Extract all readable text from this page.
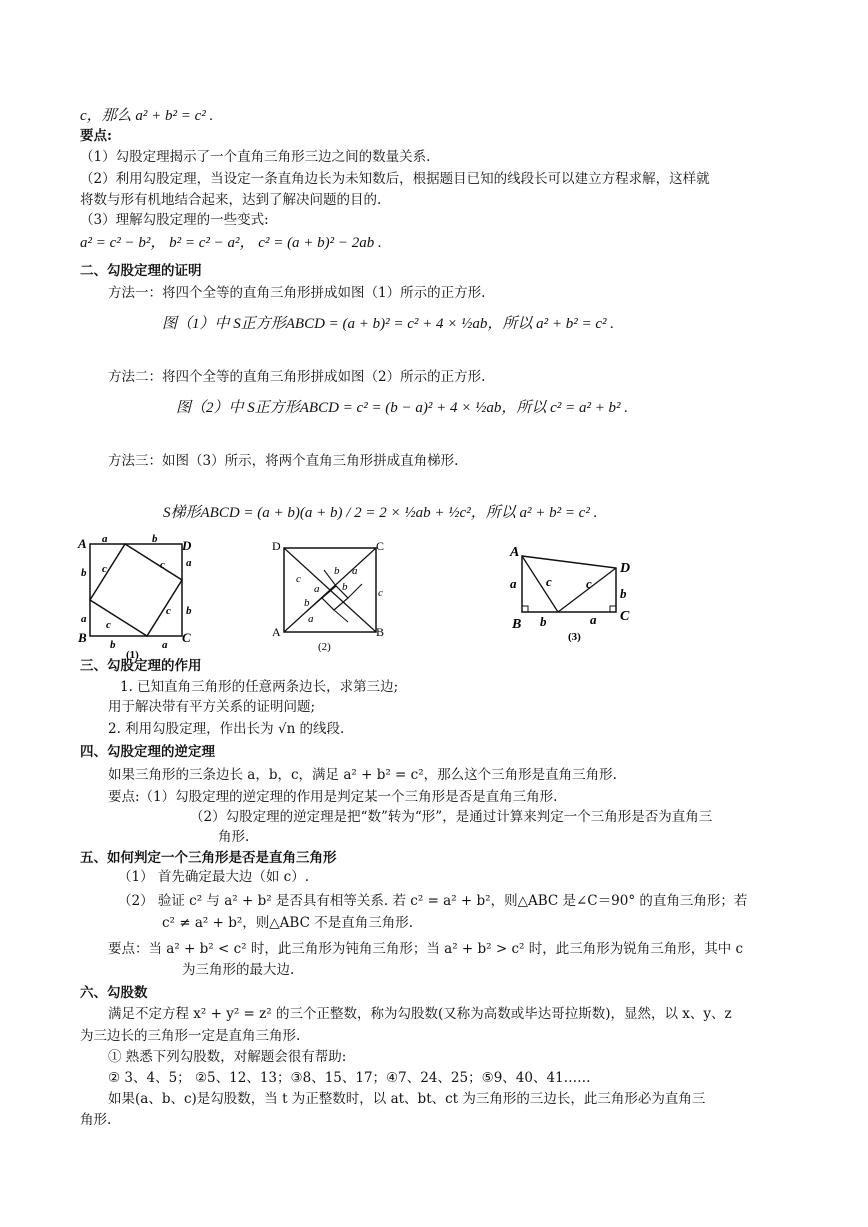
c，那么 a² + b² = c² .
要点:
（1）勾股定理揭示了一个直角三角形三边之间的数量关系.
（2）利用勾股定理，当设定一条直角边长为未知数后，根据题目已知的线段长可以建立方程求解，这样就
将数与形有机地结合起来，达到了解决问题的目的.
（3）理解勾股定理的一些变式:
a² = c² − b²， b² = c² − a²， c² = (a + b)² − 2ab .
二、勾股定理的证明
方法一：将四个全等的直角三角形拼成如图（1）所示的正方形.
图（1）中 S正方形ABCD = (a + b)² = c² + 4 × ½ab，所以 a² + b² = c² .
方法二：将四个全等的直角三角形拼成如图（2）所示的正方形.
图（2）中 S正方形ABCD = c² = (b − a)² + 4 × ½ab，所以 c² = a² + b² .
方法三：如图（3）所示，将两个直角三角形拼成直角梯形.
S梯形ABCD = (a + b)(a + b) / 2 = 2 × ½ab + ½c²，所以 a² + b² = c² .
A
B	C
D
a	b
b
a
b	a
a
b
c	c
c
c
(1)
D	C
A	B
b a
b
a
b
a
c
c
(2)
A
D
B
C
a c	c
b
b	a
(3)
三、勾股定理的作用
1. 已知直角三角形的任意两条边长，求第三边;
用于解决带有平方关系的证明问题;
2. 利用勾股定理，作出长为 √n 的线段.
四、勾股定理的逆定理
如果三角形的三条边长 a，b，c，满足 a² + b² = c²，那么这个三角形是直角三角形.
要点:（1）勾股定理的逆定理的作用是判定某一个三角形是否是直角三角形.
（2）勾股定理的逆定理是把“数”转为“形”，是通过计算来判定一个三角形是否为直角三
角形.
五、如何判定一个三角形是否是直角三角形
（1） 首先确定最大边（如 c）.
（2） 验证 c² 与 a² + b² 是否具有相等关系. 若 c² = a² + b²，则△ABC 是∠C＝90° 的直角三角形；若
c² ≠ a² + b²，则△ABC 不是直角三角形.
要点：当 a² + b² < c² 时，此三角形为钝角三角形；当 a² + b² > c² 时，此三角形为锐角三角形，其中 c
为三角形的最大边.
六、勾股数
满足不定方程 x² + y² = z² 的三个正整数，称为勾股数(又称为高数或毕达哥拉斯数)，显然，以 x、y、z
为三边长的三角形一定是直角三角形.
① 熟悉下列勾股数，对解题会很有帮助:
② 3、4、5； ②5、12、13；③8、15、17；④7、24、25；⑤9、40、41……
如果(a、b、c)是勾股数，当 t 为正整数时，以 at、bt、ct 为三角形的三边长，此三角形必为直角三
角形.
